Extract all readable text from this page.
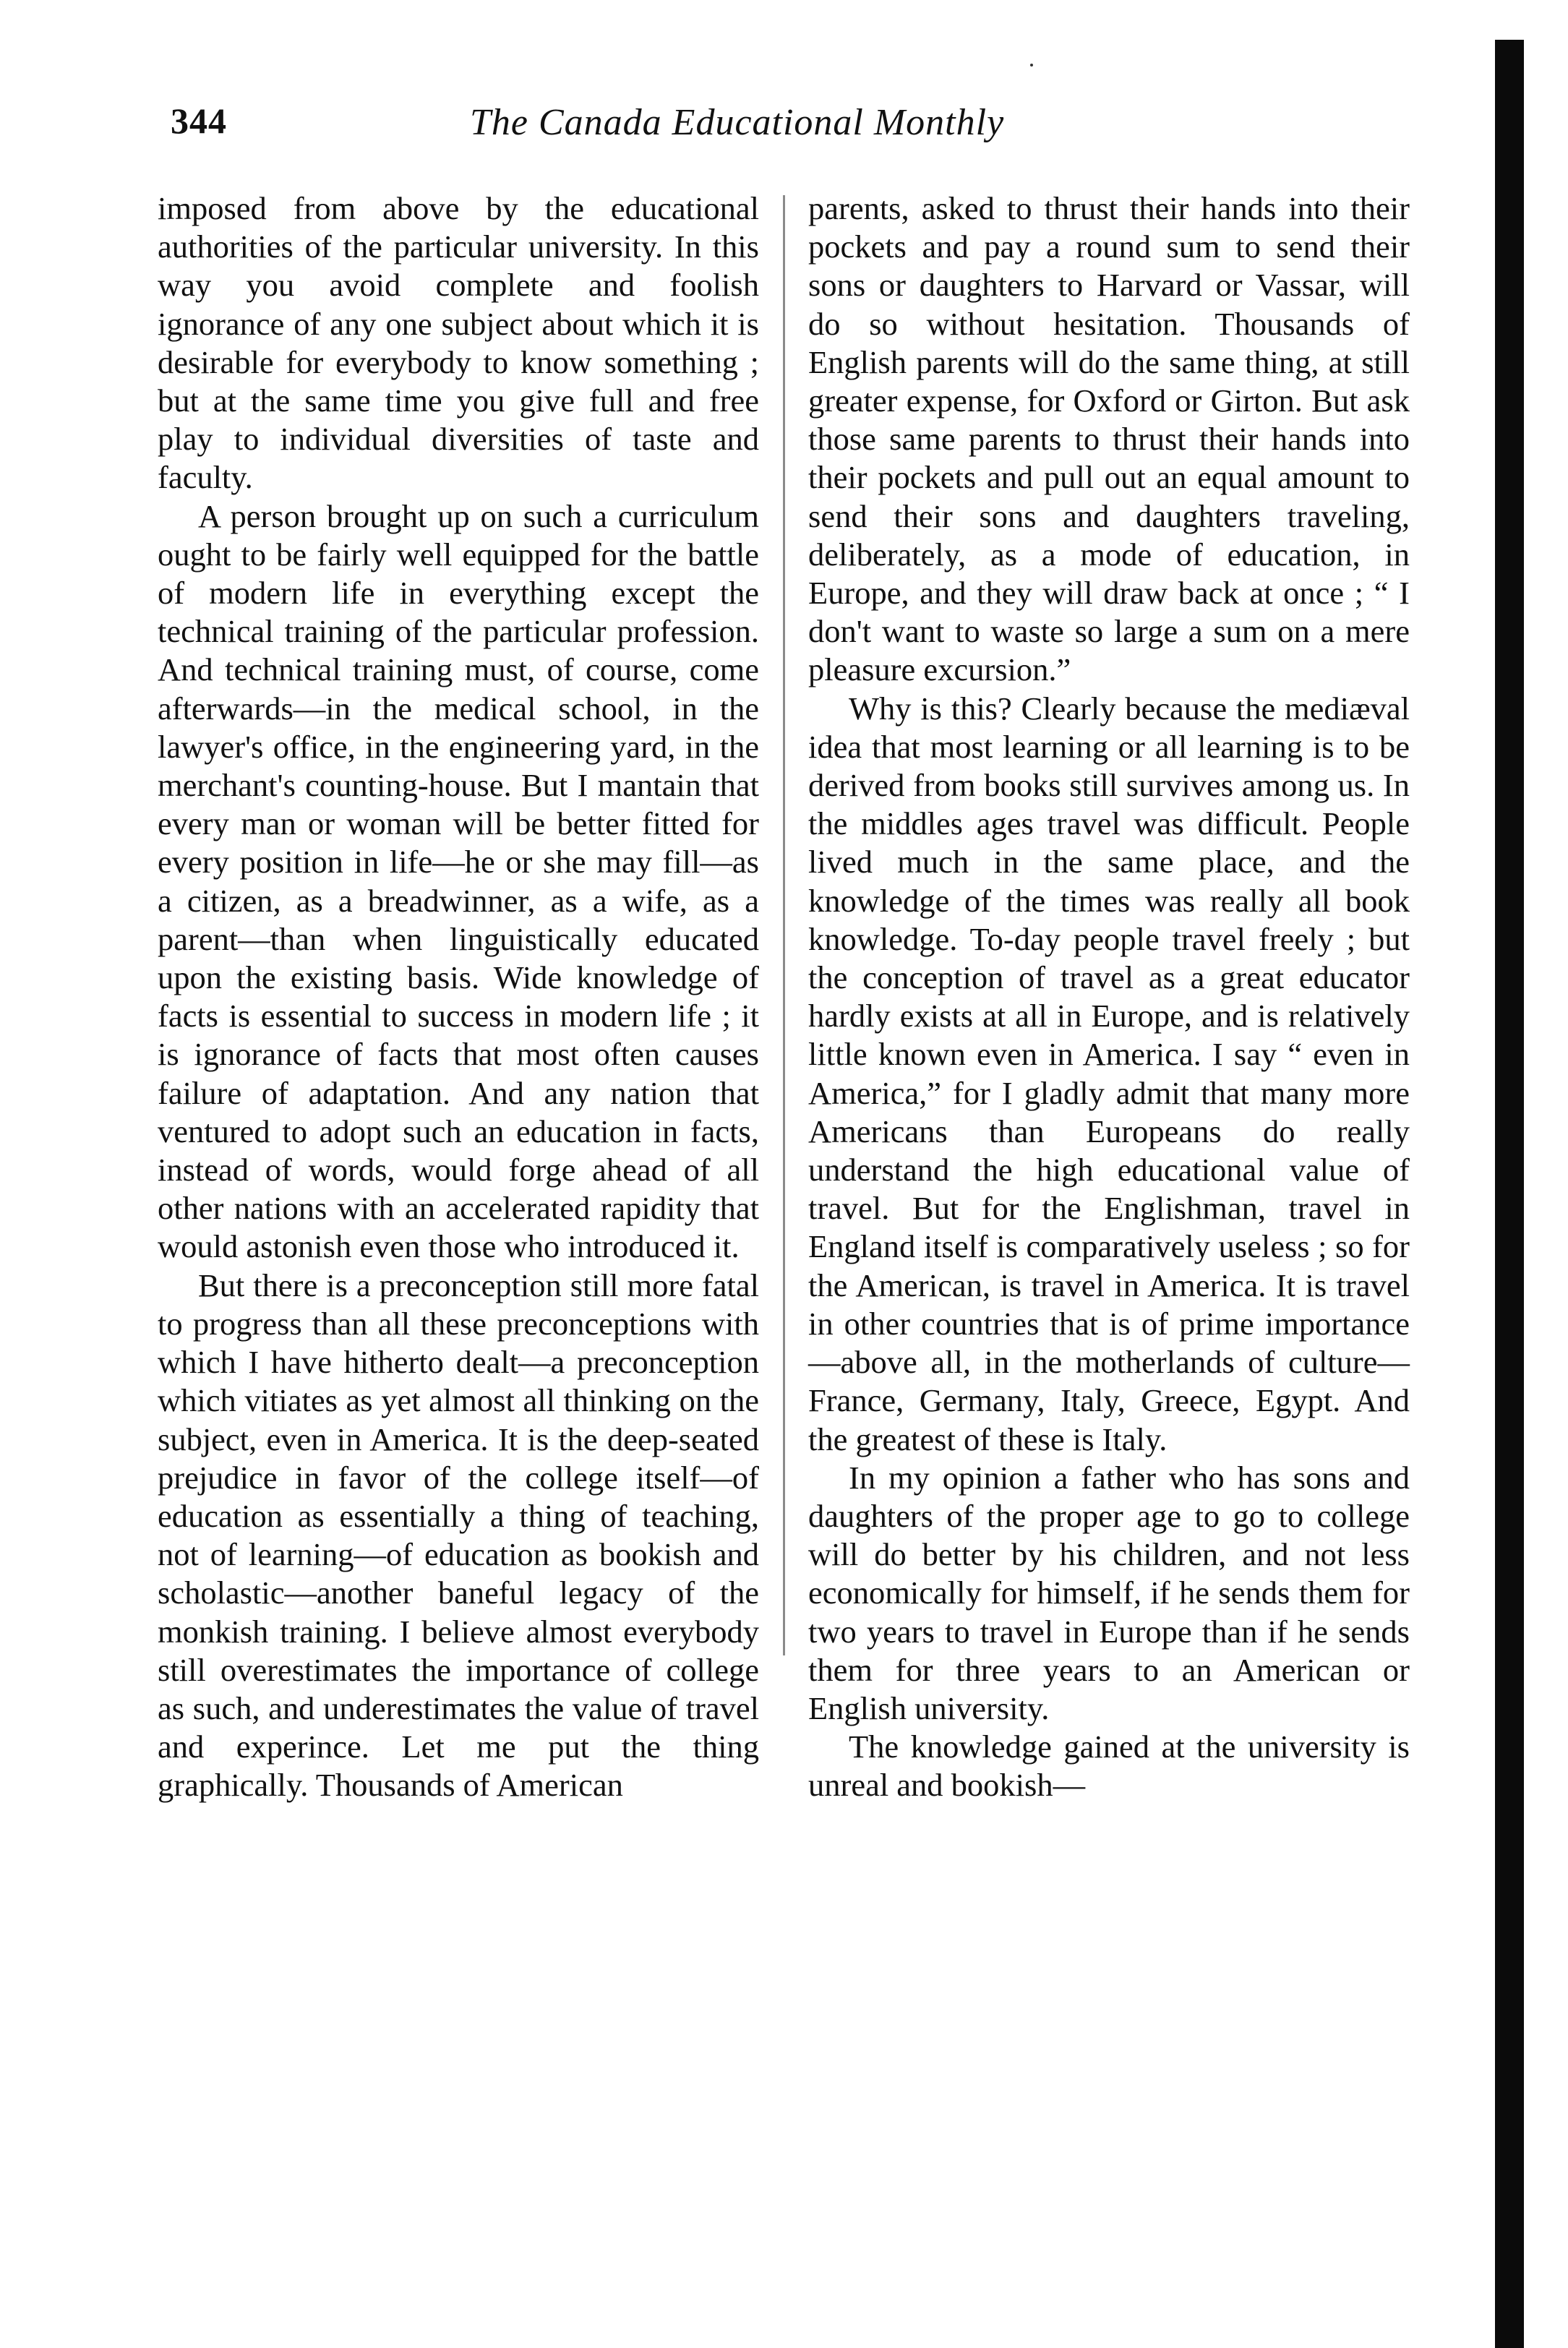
344	The Canada Educational Monthly

imposed from above by the educational authorities of the particular university. In this way you avoid complete and foolish ignorance of any one subject about which it is desirable for everybody to know something ; but at the same time you give full and free play to individual diversities of taste and faculty.

A person brought up on such a curriculum ought to be fairly well equipped for the battle of modern life in everything except the technical training of the particular profession. And technical training must, of course, come afterwards—in the medical school, in the lawyer's office, in the engineering yard, in the merchant's counting-house. But I mantain that every man or woman will be better fitted for every position in life—he or she may fill—as a citizen, as a breadwinner, as a wife, as a parent—than when linguistically educated upon the existing basis. Wide knowledge of facts is essential to success in modern life ; it is ignorance of facts that most often causes failure of adaptation. And any nation that ventured to adopt such an education in facts, instead of words, would forge ahead of all other nations with an accelerated rapidity that would astonish even those who introduced it.

But there is a preconception still more fatal to progress than all these preconceptions with which I have hitherto dealt—a preconception which vitiates as yet almost all thinking on the subject, even in America. It is the deep-seated prejudice in favor of the college itself—of education as essentially a thing of teaching, not of learning—of education as bookish and scholastic—another baneful legacy of the monkish training. I believe almost everybody still overestimates the importance of college as such, and underestimates the value of travel and experince. Let me put the thing graphically. Thousands of American

parents, asked to thrust their hands into their pockets and pay a round sum to send their sons or daughters to Harvard or Vassar, will do so without hesitation. Thousands of English parents will do the same thing, at still greater expense, for Oxford or Girton. But ask those same parents to thrust their hands into their pockets and pull out an equal amount to send their sons and daughters traveling, deliberately, as a mode of education, in Europe, and they will draw back at once ; “ I don't want to waste so large a sum on a mere pleasure excursion.”

Why is this? Clearly because the mediæval idea that most learning or all learning is to be derived from books still survives among us. In the middles ages travel was difficult. People lived much in the same place, and the knowledge of the times was really all book knowledge. To-day people travel freely ; but the conception of travel as a great educator hardly exists at all in Europe, and is relatively little known even in America. I say “ even in America,” for I gladly admit that many more Americans than Europeans do really understand the high educational value of travel. But for the Englishman, travel in England itself is comparatively useless ; so for the American, is travel in America. It is travel in other countries that is of prime importance—above all, in the motherlands of culture—France, Germany, Italy, Greece, Egypt. And the greatest of these is Italy.

In my opinion a father who has sons and daughters of the proper age to go to college will do better by his children, and not less economically for himself, if he sends them for two years to travel in Europe than if he sends them for three years to an American or English university.

The knowledge gained at the university is unreal and bookish—
